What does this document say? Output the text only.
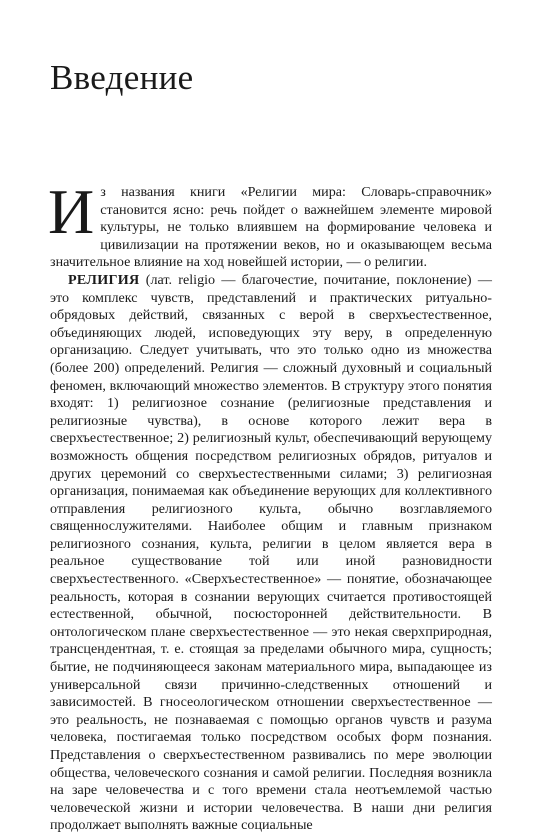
Введение

Из названия книги «Религии мира: Словарь-справочник» становится ясно: речь пойдет о важнейшем элементе мировой культуры, не только влиявшем на формирование человека и цивилизации на протяжении веков, но и оказывающем весьма значительное влияние на ход новейшей истории, — о религии.

РЕЛИГИЯ (лат. religio — благочестие, почитание, поклонение) — это комплекс чувств, представлений и практических ритуально-обрядовых действий, связанных с верой в сверхъестественное, объединяющих людей, исповедующих эту веру, в определенную организацию. Следует учитывать, что это только одно из множества (более 200) определений. Религия — сложный духовный и социальный феномен, включающий множество элементов. В структуру этого понятия входят: 1) религиозное сознание (религиозные представления и религиозные чувства), в основе которого лежит вера в сверхъестественное; 2) религиозный культ, обеспечивающий верующему возможность общения посредством религиозных обрядов, ритуалов и других церемоний со сверхъестественными силами; 3) религиозная организация, понимаемая как объединение верующих для коллективного отправления религиозного культа, обычно возглавляемого священнослужителями. Наиболее общим и главным признаком религиозного сознания, культа, религии в целом является вера в реальное существование той или иной разновидности сверхъестественного. «Сверхъестественное» — понятие, обозначающее реальность, которая в сознании верующих считается противостоящей естественной, обычной, посюсторонней действительности. В онтологическом плане сверхъестественное — это некая сверхприродная, трансцендентная, т. е. стоящая за пределами обычного мира, сущность; бытие, не подчиняющееся законам материального мира, выпадающее из универсальной связи причинно-следственных отношений и зависимостей. В гносеологическом отношении сверхъестественное — это реальность, не познаваемая с помощью органов чувств и разума человека, постигаемая только посредством особых форм познания. Представления о сверхъестественном развивались по мере эволюции общества, человеческого сознания и самой религии. Последняя возникла на заре человечества и с того времени стала неотъемлемой частью человеческой жизни и истории человечества. В наши дни религия продолжает выполнять важные социальные
